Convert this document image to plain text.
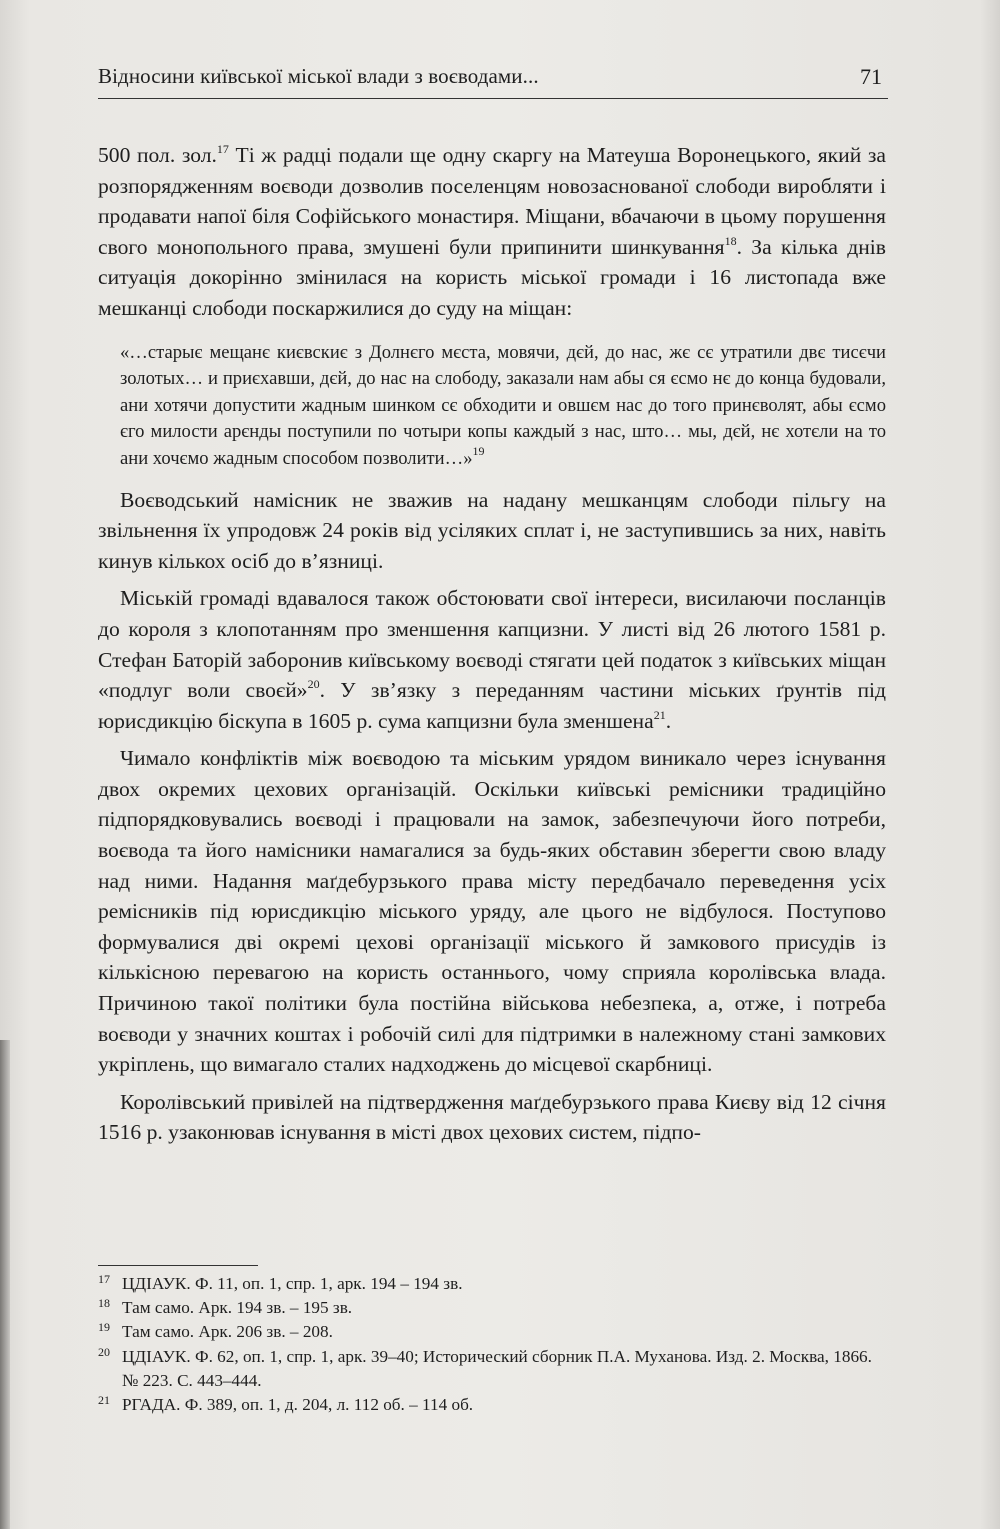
Відносини київської міської влади з воєводами...	71

500 пол. зол.$^{17}$ Ті ж радці подали ще одну скаргу на Матеуша Воронецького, який за розпорядженням воєводи дозволив поселенцям новозаснованої слободи виробляти і продавати напої біля Софійського монастиря. Міщани, вбачаючи в цьому порушення свого монопольного права, змушені були припинити шинкування$^{18}$. За кілька днів ситуація докорінно змінилася на користь міської громади і 16 листопада вже мешканці слободи поскаржилися до суду на міщан:

«…старыє мещанє києвскиє з Долнєго мєста, мовячи, дєй, до нас, жє сє утратили двє тисєчи золотых… и приєхавши, дєй, до нас на слободу, заказали нам абы ся єсмо нє до конца будовали, ани хотячи допустити жадным шинком сє обходити и овшєм нас до того принєволят, абы єсмо єго милости арєнды поступили по чотыри копы каждый з нас, што… мы, дєй, нє хотєли на то ани хочємо жадным способом позволити…»$^{19}$

Воєводський намісник не зважив на надану мешканцям слободи пільгу на звільнення їх упродовж 24 років від усіляких сплат і, не заступившись за них, навіть кинув кількох осіб до в’язниці.

Міській громаді вдавалося також обстоювати свої інтереси, висилаючи посланців до короля з клопотанням про зменшення капцизни. У листі від 26 лютого 1581 р. Стефан Баторій заборонив київському воєводі стягати цей податок з київських міщан «подлуг воли своєй»$^{20}$. У зв’язку з переданням частини міських ґрунтів під юрисдикцію біскупа в 1605 р. сума капцизни була зменшена$^{21}$.

Чимало конфліктів між воєводою та міським урядом виникало через існування двох окремих цехових організацій. Оскільки київські ремісники традиційно підпорядковувались воєводі і працювали на замок, забезпечуючи його потреби, воєвода та його намісники намагалися за будь-яких обставин зберегти свою владу над ними. Надання маґдебурзького права місту передбачало переведення усіх ремісників під юрисдикцію міського уряду, але цього не відбулося. Поступово формувалися дві окремі цехові організації міського й замкового присудів із кількісною перевагою на користь останнього, чому сприяла королівська влада. Причиною такої політики була постійна військова небезпека, а, отже, і потреба воєводи у значних коштах і робочій силі для підтримки в належному стані замкових укріплень, що вимагало сталих надходжень до місцевої скарбниці.

Королівський привілей на підтвердження маґдебурзького права Києву від 12 січня 1516 р. узаконював існування в місті двох цехових систем, підпо-

17 ЦДІАУК. Ф. 11, оп. 1, спр. 1, арк. 194 – 194 зв.
18 Там само. Арк. 194 зв. – 195 зв.
19 Там само. Арк. 206 зв. – 208.
20 ЦДІАУК. Ф. 62, оп. 1, спр. 1, арк. 39–40; Исторический сборник П.А. Муханова. Изд. 2. Москва, 1866. № 223. С. 443–444.
21 РГАДА. Ф. 389, оп. 1, д. 204, л. 112 об. – 114 об.
